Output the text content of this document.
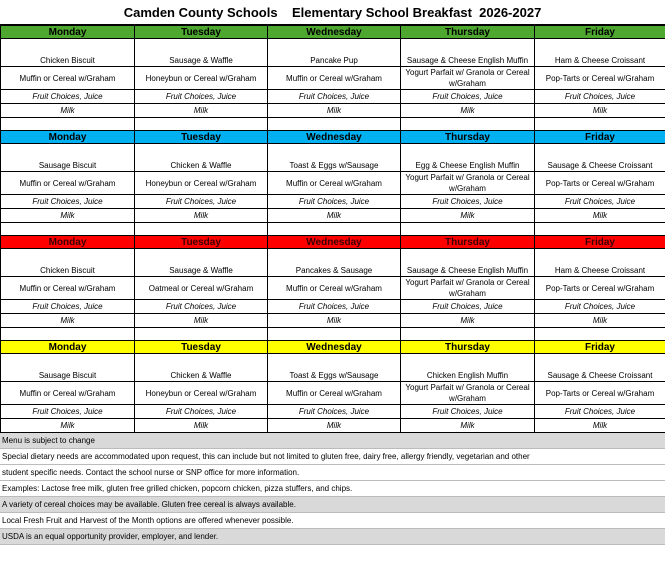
Camden County Schools    Elementary School Breakfast  2026-2027
Monday	Tuesday	Wednesday	Thursday	Friday
Chicken Biscuit	Sausage & Waffle	Pancake Pup	Sausage & Cheese English Muffin	Ham & Cheese Croissant
Muffin or Cereal w/Graham	Honeybun or Cereal w/Graham	Muffin or Cereal w/Graham	Yogurt Parfait w/ Granola or Cereal w/Graham	Pop-Tarts or Cereal w/Graham
Fruit Choices, Juice	Fruit Choices, Juice	Fruit Choices, Juice	Fruit Choices, Juice	Fruit Choices, Juice
Milk	Milk	Milk	Milk	Milk

Monday	Tuesday	Wednesday	Thursday	Friday
Sausage Biscuit	Chicken & Waffle	Toast & Eggs w/Sausage	Egg & Cheese English Muffin	Sausage & Cheese Croissant
Muffin or Cereal w/Graham	Honeybun or Cereal w/Graham	Muffin or Cereal w/Graham	Yogurt Parfait w/ Granola or Cereal w/Graham	Pop-Tarts or Cereal w/Graham
Fruit Choices, Juice	Fruit Choices, Juice	Fruit Choices, Juice	Fruit Choices, Juice	Fruit Choices, Juice
Milk	Milk	Milk	Milk	Milk

Monday	Tuesday	Wednesday	Thursday	Friday
Chicken Biscuit	Sausage & Waffle	Pancakes & Sausage	Sausage & Cheese English Muffin	Ham & Cheese Croissant
Muffin or Cereal w/Graham	Oatmeal or Cereal w/Graham	Muffin or Cereal w/Graham	Yogurt Parfait w/ Granola or Cereal w/Graham	Pop-Tarts or Cereal w/Graham
Fruit Choices, Juice	Fruit Choices, Juice	Fruit Choices, Juice	Fruit Choices, Juice	Fruit Choices, Juice
Milk	Milk	Milk	Milk	Milk

Monday	Tuesday	Wednesday	Thursday	Friday
Sausage Biscuit	Chicken & Waffle	Toast & Eggs w/Sausage	Chicken English Muffin	Sausage & Cheese Croissant
Muffin or Cereal w/Graham	Honeybun or Cereal w/Graham	Muffin or Cereal w/Graham	Yogurt Parfait w/ Granola or Cereal w/Graham	Pop-Tarts or Cereal w/Graham
Fruit Choices, Juice	Fruit Choices, Juice	Fruit Choices, Juice	Fruit Choices, Juice	Fruit Choices, Juice
Milk	Milk	Milk	Milk	Milk
Menu is subject to change
Special dietary needs are accommodated upon request, this can include but not limited to gluten free, dairy free, allergy friendly, vegetarian and other
student specific needs. Contact the school nurse or SNP office for more information.
Examples: Lactose free milk, gluten free grilled chicken, popcorn chicken, pizza stuffers, and chips.
A variety of cereal choices may be available. Gluten free cereal is always available.
Local Fresh Fruit and Harvest of the Month options are offered whenever possible.
USDA is an equal opportunity provider, employer, and lender.
